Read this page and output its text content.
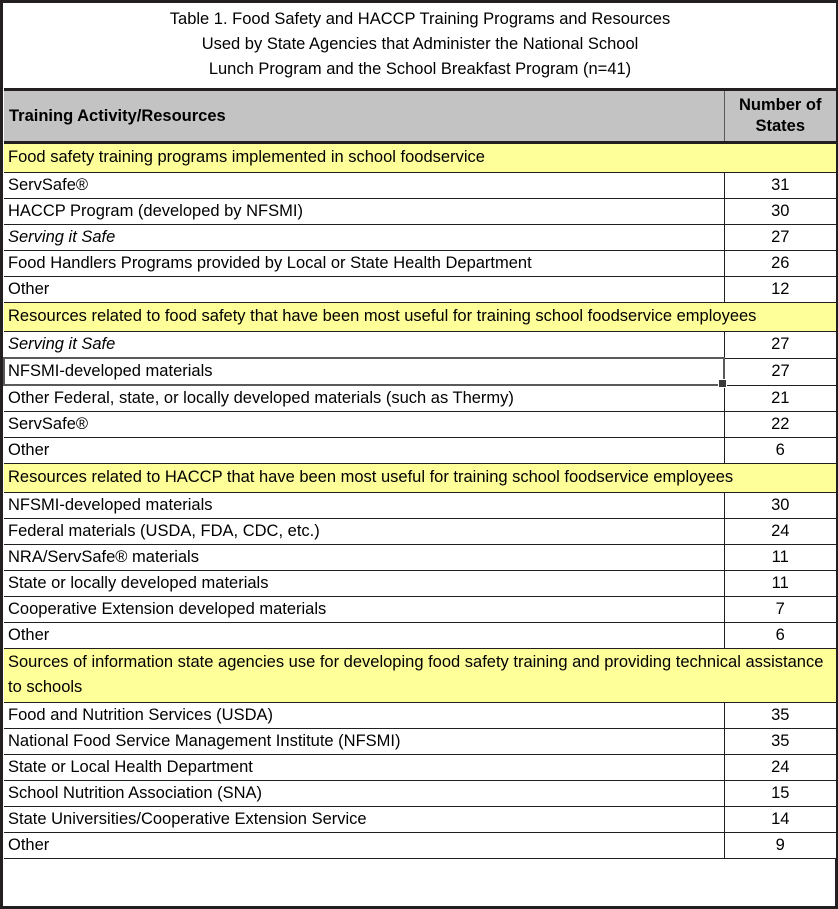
Table 1. Food Safety and HACCP Training Programs and Resources
Used by State Agencies that Administer the National School
Lunch Program and the School Breakfast Program (n=41)	

Training Activity/Resources	Number of
States

Food safety training programs implemented in school foodservice	
ServSafe®	31
HACCP Program (developed by NFSMI)	30
Serving it Safe	27
Food Handlers Programs provided by Local or State Health Department	26
Other	12
Resources related to food safety that have been most useful for training school foodservice employees	
Serving it Safe	27
NFSMI-developed materials	27
Other Federal, state, or locally developed materials (such as Thermy)	21
ServSafe®	22
Other	6
Resources related to HACCP that have been most useful for training school foodservice employees	
NFSMI-developed materials	30
Federal materials (USDA, FDA, CDC, etc.)	24
NRA/ServSafe® materials	11
State or locally developed materials	11
Cooperative Extension developed materials	7
Other	6
Sources of information state agencies use for developing food safety training and providing technical assistance to schools	
Food and Nutrition Services (USDA)	35
National Food Service Management Institute (NFSMI)	35
State or Local Health Department	24
School Nutrition Association (SNA)	15
State Universities/Cooperative Extension Service	14
Other	9
